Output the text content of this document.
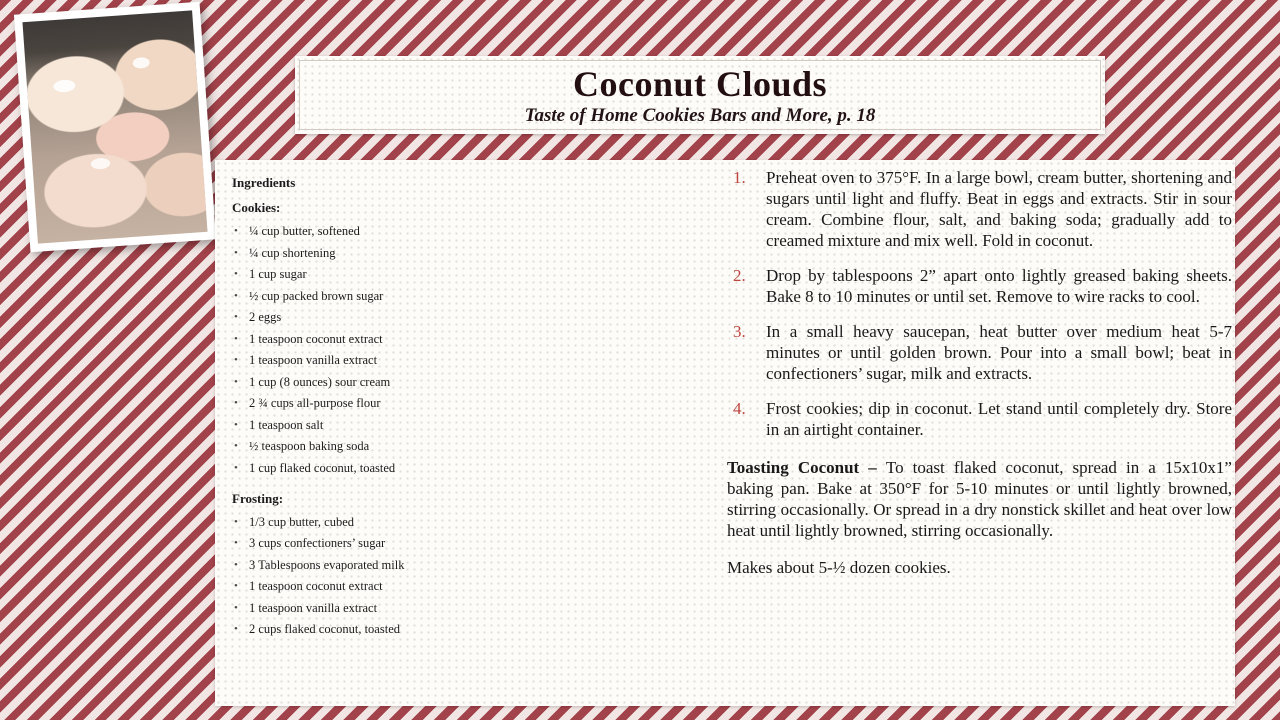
Coconut Clouds
Taste of Home Cookies Bars and More, p. 18

Ingredients

Cookies:

• ¼ cup butter, softened
• ¼ cup shortening
• 1 cup sugar
• ½ cup packed brown sugar
• 2 eggs
• 1 teaspoon coconut extract
• 1 teaspoon vanilla extract
• 1 cup (8 ounces) sour cream
• 2 ¾ cups all-purpose flour
• 1 teaspoon salt
• ½ teaspoon baking soda
• 1 cup flaked coconut, toasted

Frosting:

• 1/3 cup butter, cubed
• 3 cups confectioners’ sugar
• 3 Tablespoons evaporated milk
• 1 teaspoon coconut extract
• 1 teaspoon vanilla extract
• 2 cups flaked coconut, toasted
1. Preheat oven to 375°F. In a large bowl, cream butter, shortening and sugars until light and fluffy. Beat in eggs and extracts. Stir in sour cream. Combine flour, salt, and baking soda; gradually add to creamed mixture and mix well. Fold in coconut.
2. Drop by tablespoons 2” apart onto lightly greased baking sheets. Bake 8 to 10 minutes or until set. Remove to wire racks to cool.
3. In a small heavy saucepan, heat butter over medium heat 5-7 minutes or until golden brown. Pour into a small bowl; beat in confectioners’ sugar, milk and extracts.
4. Frost cookies; dip in coconut. Let stand until completely dry. Store in an airtight container.

Toasting Coconut – To toast flaked coconut, spread in a 15x10x1” baking pan. Bake at 350°F for 5-10 minutes or until lightly browned, stirring occasionally. Or spread in a dry nonstick skillet and heat over low heat until lightly browned, stirring occasionally.

Makes about 5-½ dozen cookies.
